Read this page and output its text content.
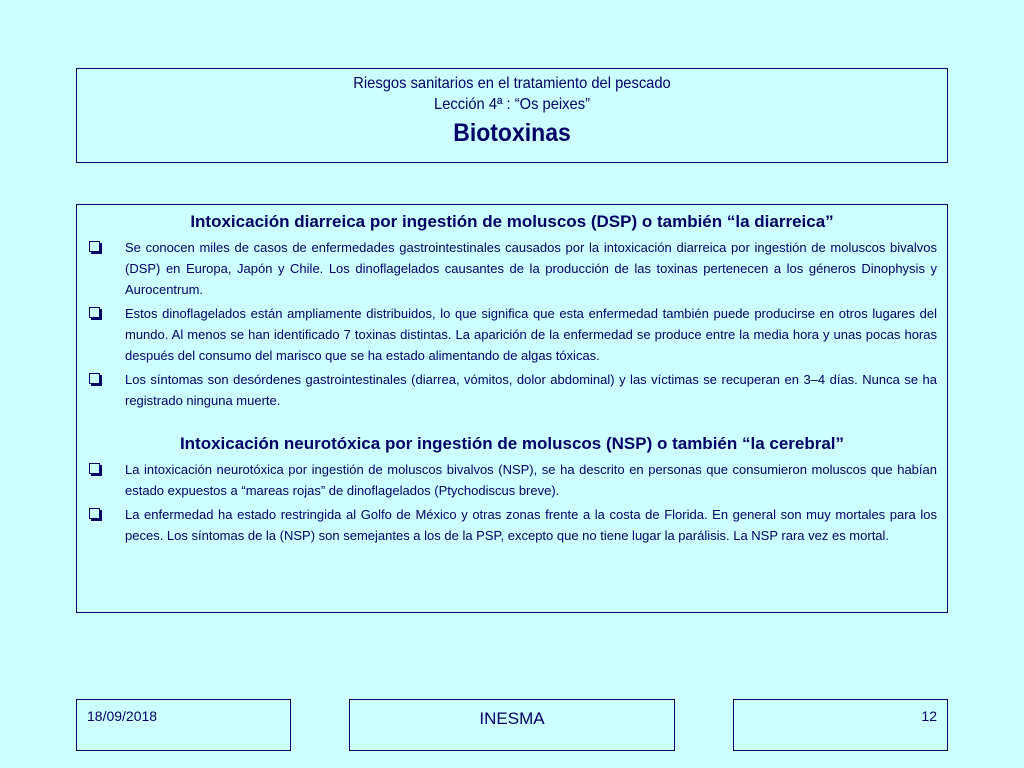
Riesgos sanitarios en el tratamiento del pescado
Lección 4ª : “Os peixes”
Biotoxinas
Intoxicación diarreica por ingestión de moluscos (DSP) o también “la diarreica”
Se conocen miles de casos de enfermedades gastrointestinales causados por la intoxicación diarreica por ingestión de moluscos bivalvos (DSP) en Europa, Japón y Chile. Los dinoflagelados causantes de la producción de las toxinas pertenecen a los géneros Dinophysis y Aurocentrum.
Estos dinoflagelados están ampliamente distribuidos, lo que significa que esta enfermedad también puede producirse en otros lugares del mundo. Al menos se han identificado 7 toxinas distintas. La aparición de la enfermedad se produce entre la media hora y unas pocas horas después del consumo del marisco que se ha estado alimentando de algas tóxicas.
Los síntomas son desórdenes gastrointestinales (diarrea, vómitos, dolor abdominal) y las víctimas se recuperan en 3–4 días. Nunca se ha registrado ninguna muerte.
Intoxicación neurotóxica por ingestión de moluscos (NSP) o también “la cerebral”
La intoxicación neurotóxica por ingestión de moluscos bivalvos (NSP), se ha descrito en personas que consumieron moluscos que habían estado expuestos a “mareas rojas” de dinoflagelados (Ptychodiscus breve).
La enfermedad ha estado restringida al Golfo de México y otras zonas frente a la costa de Florida. En general son muy mortales para los peces. Los síntomas de la (NSP) son semejantes a los de la PSP, excepto que no tiene lugar la parálisis. La NSP rara vez es mortal.
18/09/2018	INESMA	12
